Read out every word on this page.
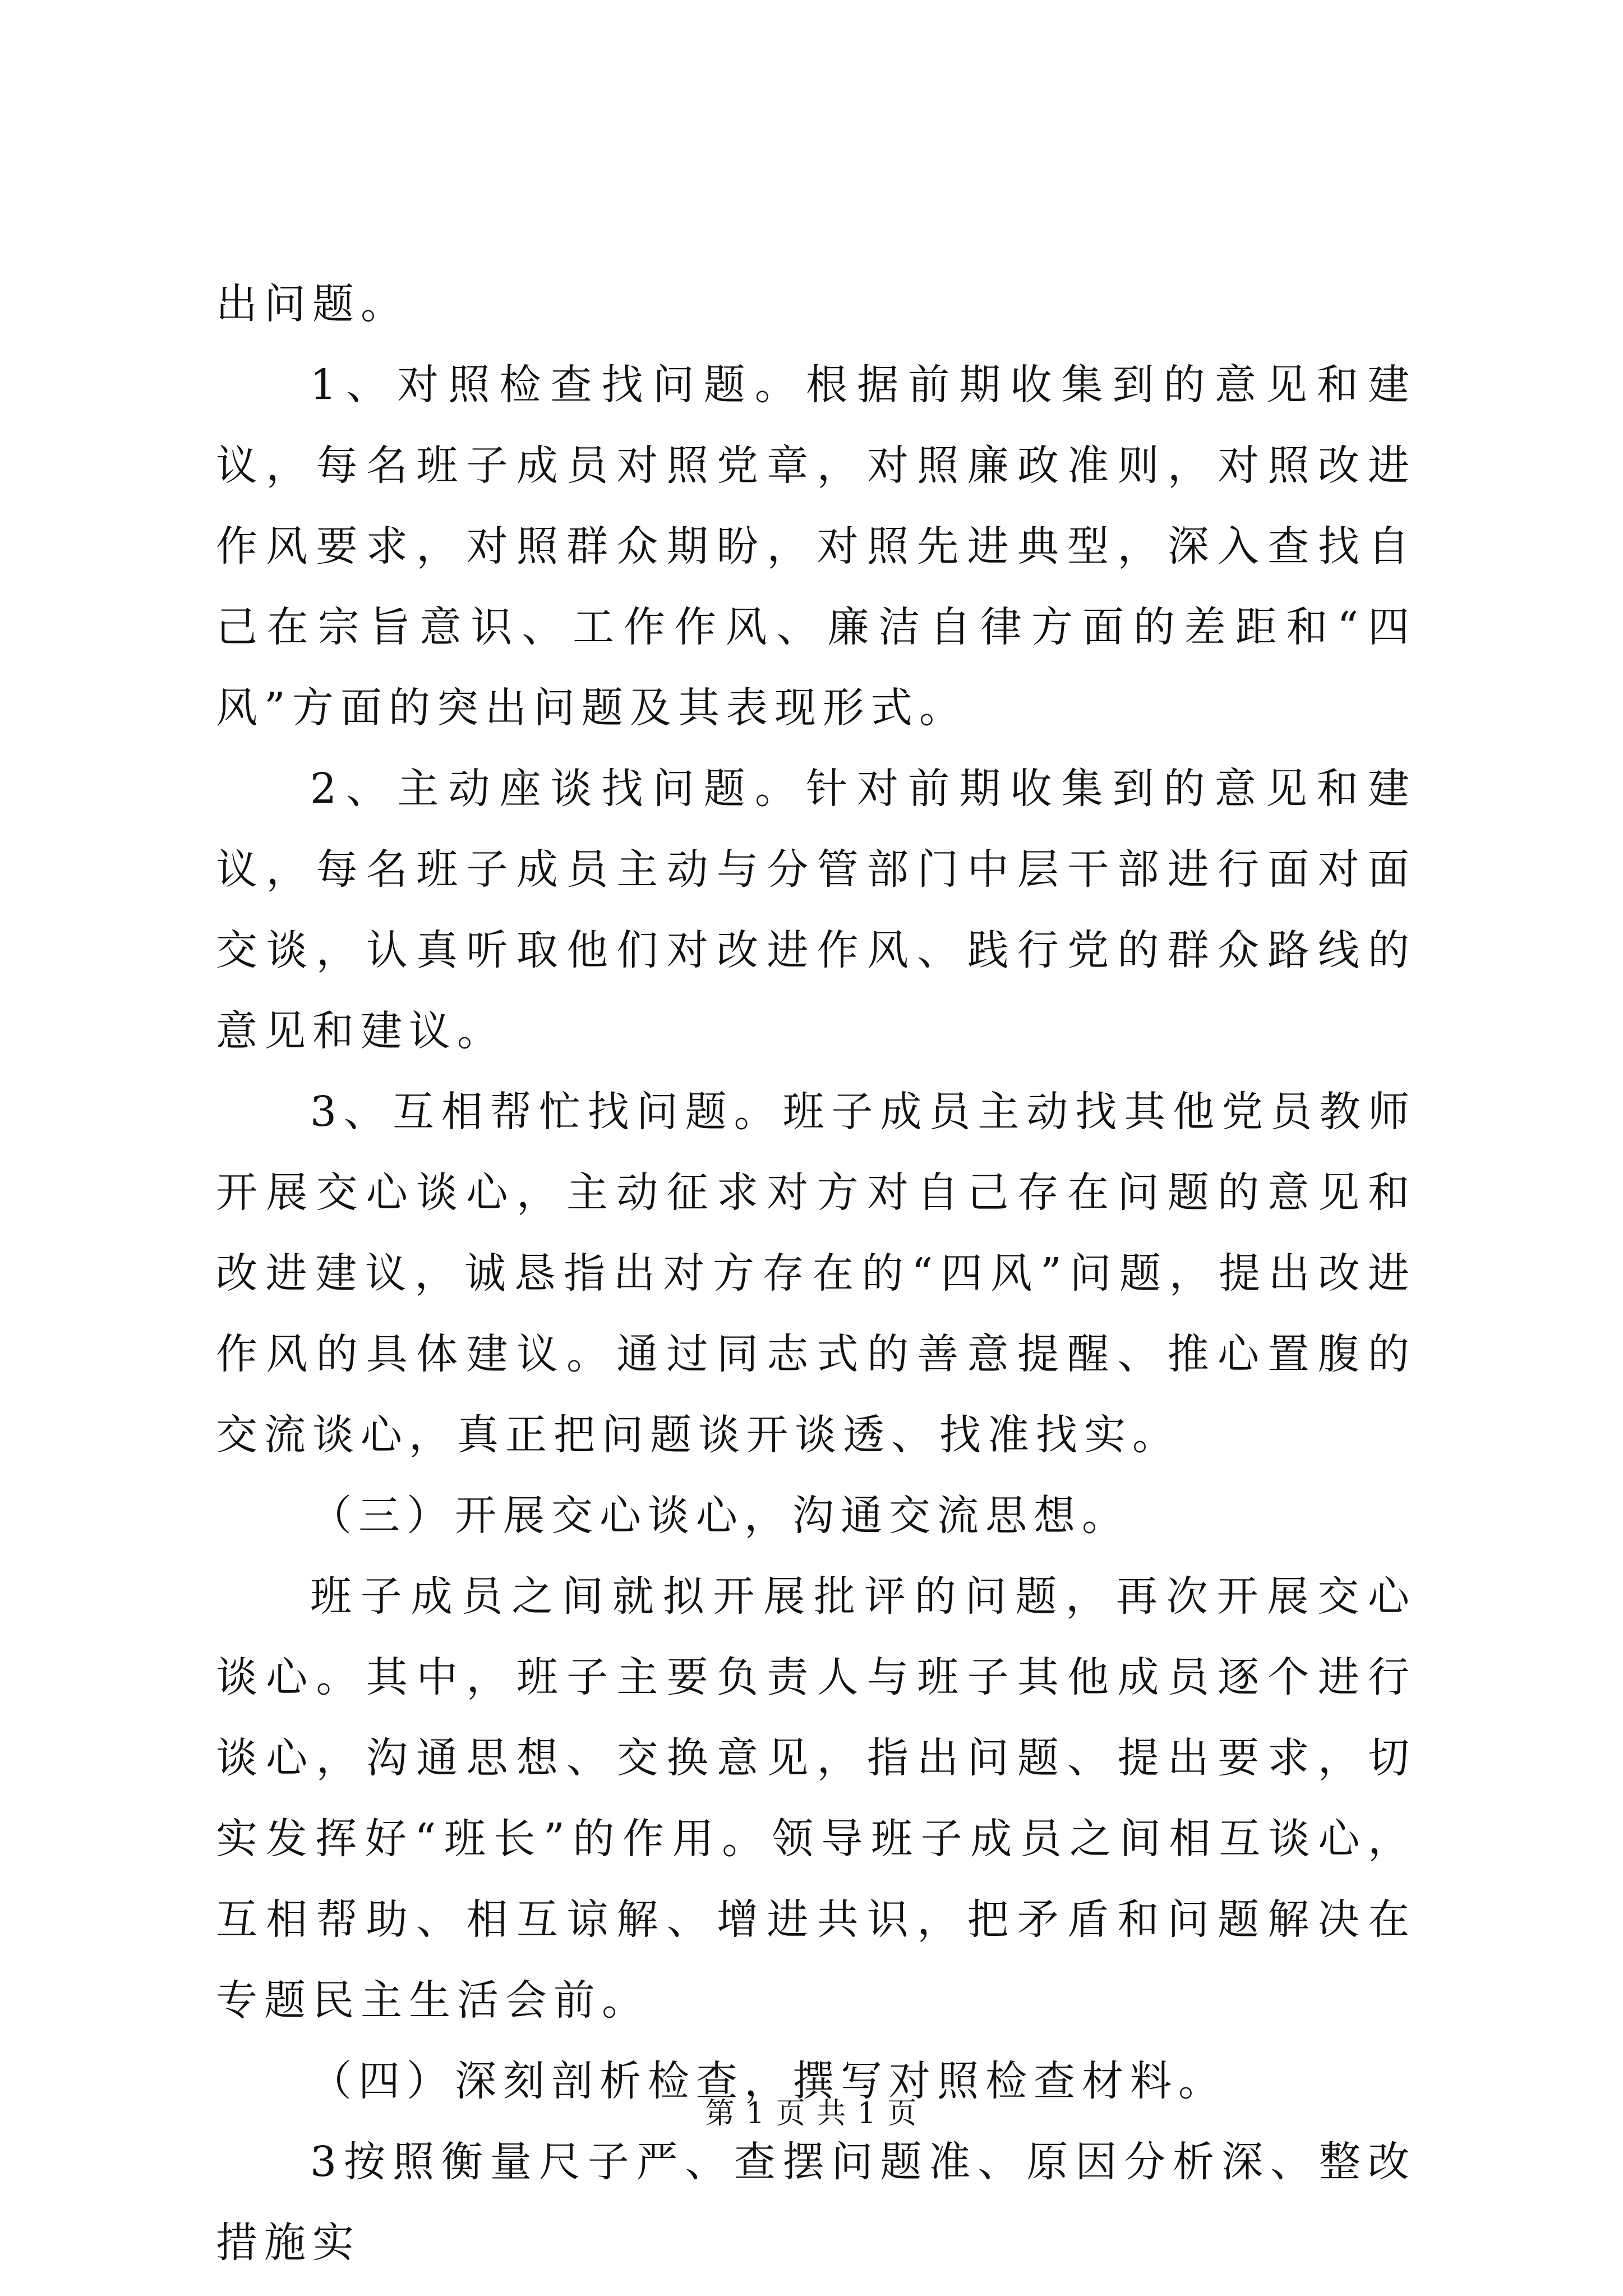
出问题。

1、对照检查找问题。根据前期收集到的意见和建议，每名班子成员对照党章，对照廉政准则，对照改进作风要求，对照群众期盼，对照先进典型，深入查找自己在宗旨意识、工作作风、廉洁自律方面的差距和“四风”方面的突出问题及其表现形式。

2、主动座谈找问题。针对前期收集到的意见和建议，每名班子成员主动与分管部门中层干部进行面对面交谈，认真听取他们对改进作风、践行党的群众路线的意见和建议。

3、互相帮忙找问题。班子成员主动找其他党员教师开展交心谈心，主动征求对方对自己存在问题的意见和改进建议，诚恳指出对方存在的“四风”问题，提出改进作风的具体建议。通过同志式的善意提醒、推心置腹的交流谈心，真正把问题谈开谈透、找准找实。

（三）开展交心谈心，沟通交流思想。

班子成员之间就拟开展批评的问题，再次开展交心谈心。其中，班子主要负责人与班子其他成员逐个进行谈心，沟通思想、交换意见，指出问题、提出要求，切实发挥好“班长”的作用。领导班子成员之间相互谈心，互相帮助、相互谅解、增进共识，把矛盾和问题解决在专题民主生活会前。

（四）深刻剖析检查，撰写对照检查材料。

3按照衡量尺子严、查摆问题准、原因分析深、整改措施实

第 1 页 共 1 页
